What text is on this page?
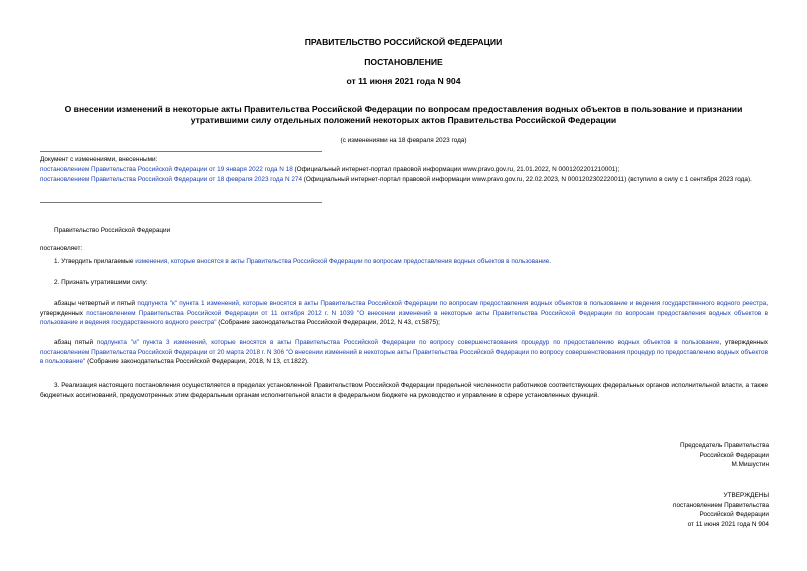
ПРАВИТЕЛЬСТВО РОССИЙСКОЙ ФЕДЕРАЦИИ
ПОСТАНОВЛЕНИЕ
от 11 июня 2021 года N 904
О внесении изменений в некоторые акты Правительства Российской Федерации по вопросам предоставления водных объектов в пользование и признании утратившими силу отдельных положений некоторых актов Правительства Российской Федерации
(с изменениями на 18 февраля 2023 года)
Документ с изменениями, внесенными:
постановлением Правительства Российской Федерации от 19 января 2022 года N 18 (Официальный интернет-портал правовой информации www.pravo.gov.ru, 21.01.2022, N 0001202201210001);
постановлением Правительства Российской Федерации от 18 февраля 2023 года N 274 (Официальный интернет-портал правовой информации www.pravo.gov.ru, 22.02.2023, N 0001202302220011) (вступило в силу с 1 сентября 2023 года).
Правительство Российской Федерации
постановляет:
1. Утвердить прилагаемые изменения, которые вносятся в акты Правительства Российской Федерации по вопросам предоставления водных объектов в пользование.
2. Признать утратившими силу:
абзацы четвертый и пятый подпункта "к" пункта 1 изменений, которые вносятся в акты Правительства Российской Федерации по вопросам предоставления водных объектов в пользование и ведения государственного водного реестра, утвержденных постановлением Правительства Российской Федерации от 11 октября 2012 г. N 1039 "О внесении изменений в некоторые акты Правительства Российской Федерации по вопросам предоставления водных объектов в пользование и ведения государственного водного реестра" (Собрание законодательства Российской Федерации, 2012, N 43, ст.5875);
абзац пятый подпункта "и" пункта 3 изменений, которые вносятся в акты Правительства Российской Федерации по вопросу совершенствования процедур по предоставлению водных объектов в пользование, утвержденных постановлением Правительства Российской Федерации от 20 марта 2018 г. N 306 "О внесении изменений в некоторые акты Правительства Российской Федерации по вопросу совершенствования процедур по предоставлению водных объектов в пользование" (Собрание законодательства Российской Федерации, 2018, N 13, ст.1822).
3. Реализация настоящего постановления осуществляется в пределах установленной Правительством Российской Федерации предельной численности работников соответствующих федеральных органов исполнительной власти, а также бюджетных ассигнований, предусмотренных этим федеральным органам исполнительной власти в федеральном бюджете на руководство и управление в сфере установленных функций.
Председатель Правительства
Российской Федерации
М.Мишустин
УТВЕРЖДЕНЫ
постановлением Правительства
Российской Федерации
от 11 июня 2021 года N 904
